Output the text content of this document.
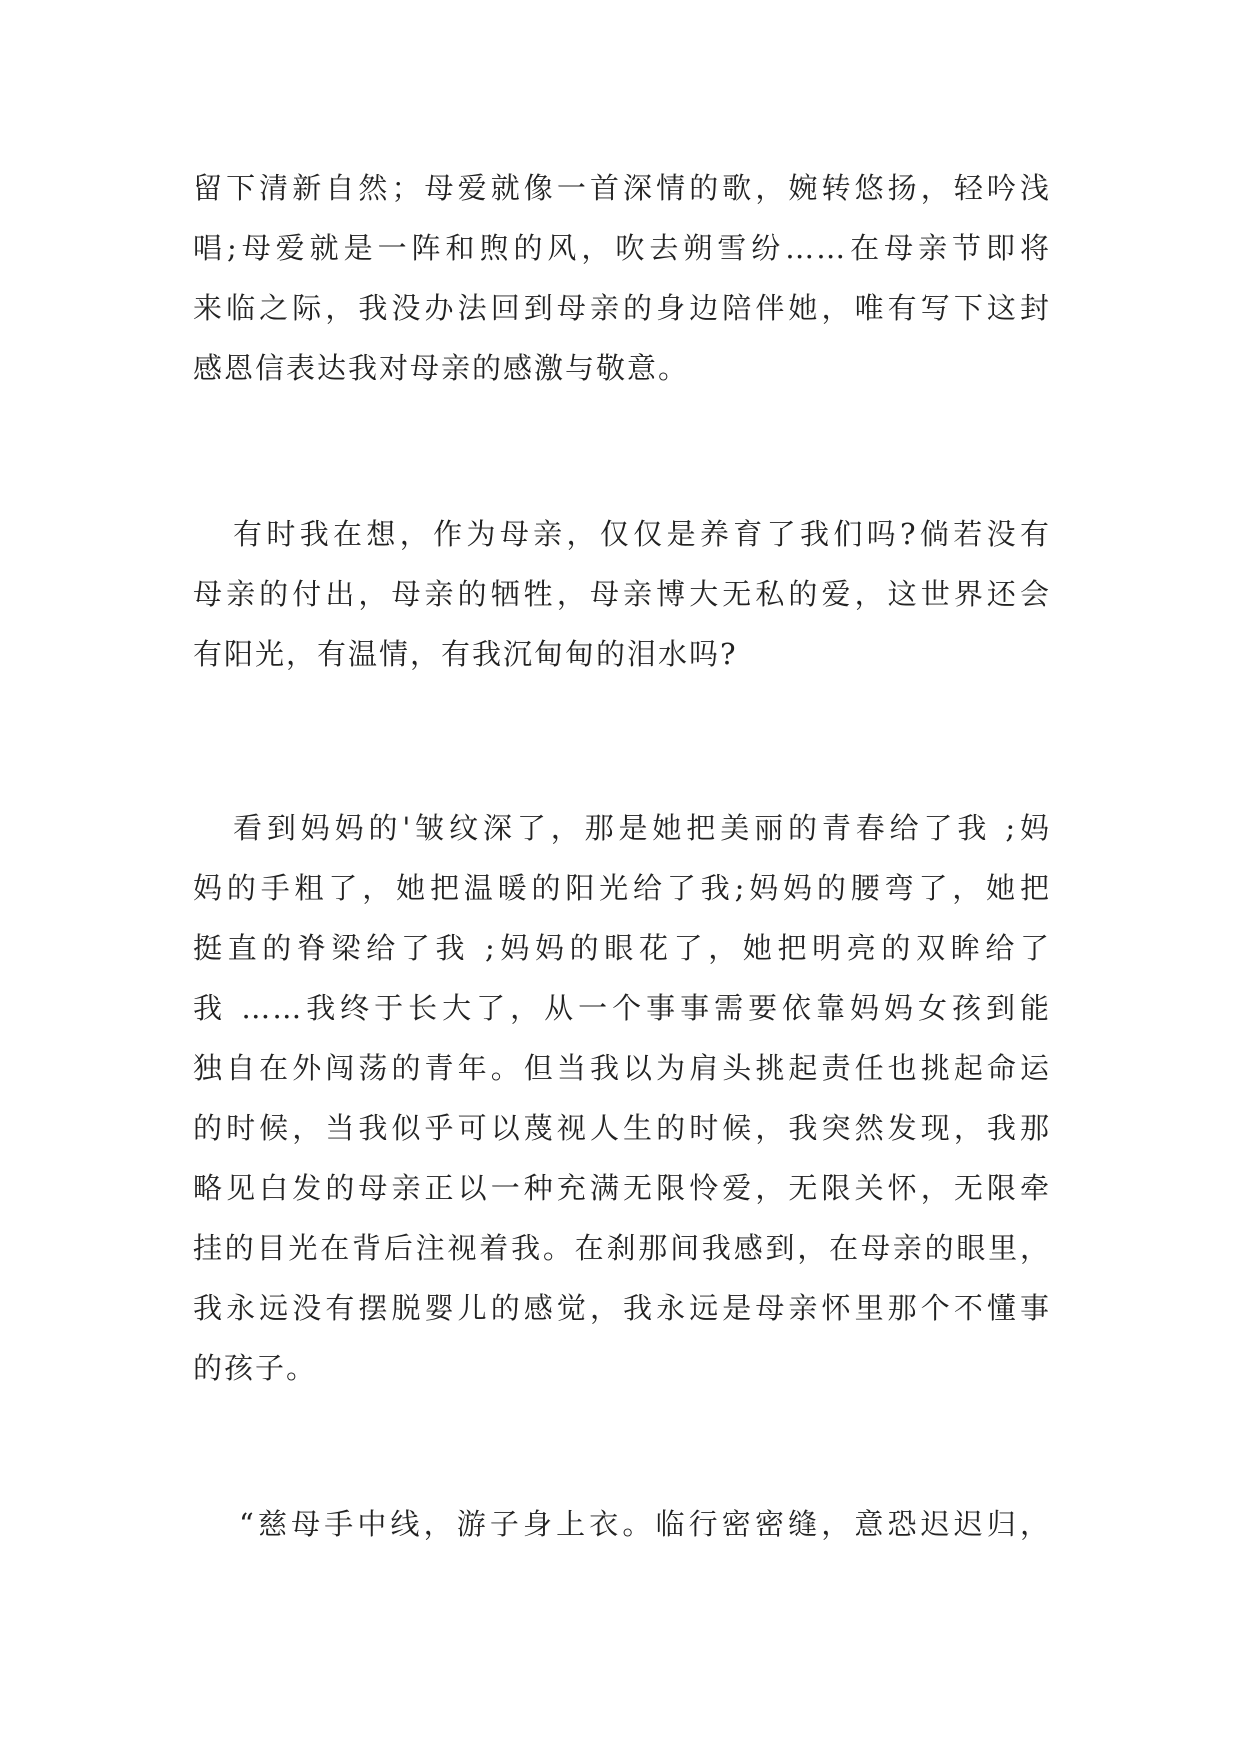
留下清新自然；母爱就像一首深情的歌，婉转悠扬，轻吟浅
唱;母爱就是一阵和煦的风，吹去朔雪纷……在母亲节即将
来临之际，我没办法回到母亲的身边陪伴她，唯有写下这封
感恩信表达我对母亲的感激与敬意。
有时我在想，作为母亲，仅仅是养育了我们吗?倘若没有
母亲的付出，母亲的牺牲，母亲博大无私的爱，这世界还会
有阳光，有温情，有我沉甸甸的泪水吗?
看到妈妈的'皱纹深了，那是她把美丽的青春给了我 ;妈
妈的手粗了，她把温暖的阳光给了我;妈妈的腰弯了，她把
挺直的脊梁给了我 ;妈妈的眼花了，她把明亮的双眸给了
我 ……我终于长大了，从一个事事需要依靠妈妈女孩到能
独自在外闯荡的青年。但当我以为肩头挑起责任也挑起命运
的时候，当我似乎可以蔑视人生的时候，我突然发现，我那
略见白发的母亲正以一种充满无限怜爱，无限关怀，无限牵
挂的目光在背后注视着我。在刹那间我感到，在母亲的眼里，
我永远没有摆脱婴儿的感觉，我永远是母亲怀里那个不懂事
的孩子。
“慈母手中线，游子身上衣。临行密密缝，意恐迟迟归，
